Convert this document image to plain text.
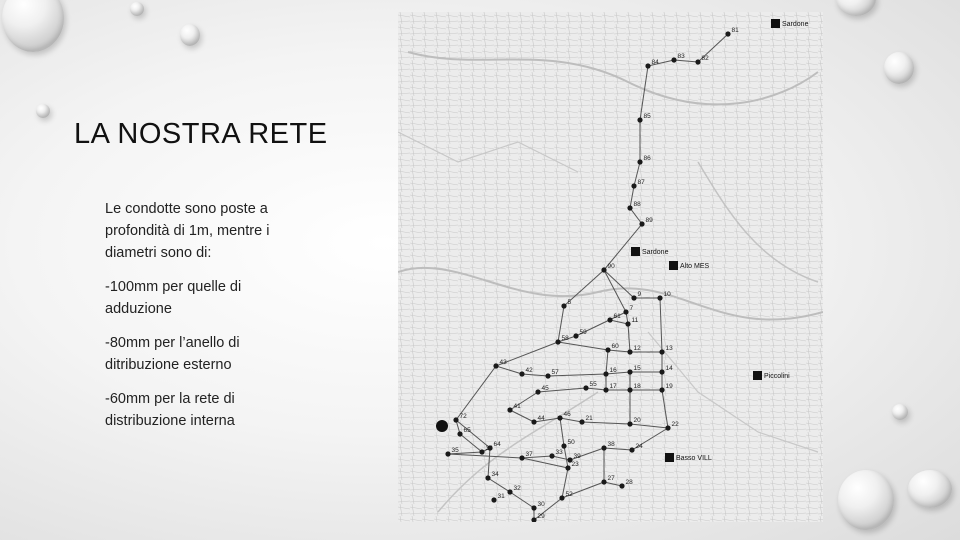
LA NOSTRA RETE
Le condotte sono poste a profondità di 1m, mentre i diametri sono di:
-100mm per quelle di adduzione
-80mm per l’anello di ditribuzione esterno
-60mm per la rete di distribuzione interna
81
84
83	82
85
86
87
88
89
90
9	10
5
7
11
61
58
60 12	13
43
42	57	16	15	14
55 17	18	19
45
41
44
46
21	20
22
72
65
64
36
35
37	33
39
38	24
23
34
32
31
30
29
27
28
52
59
50
Sardone
Sardone
Alto MES
Piccolini
Basso VILL
